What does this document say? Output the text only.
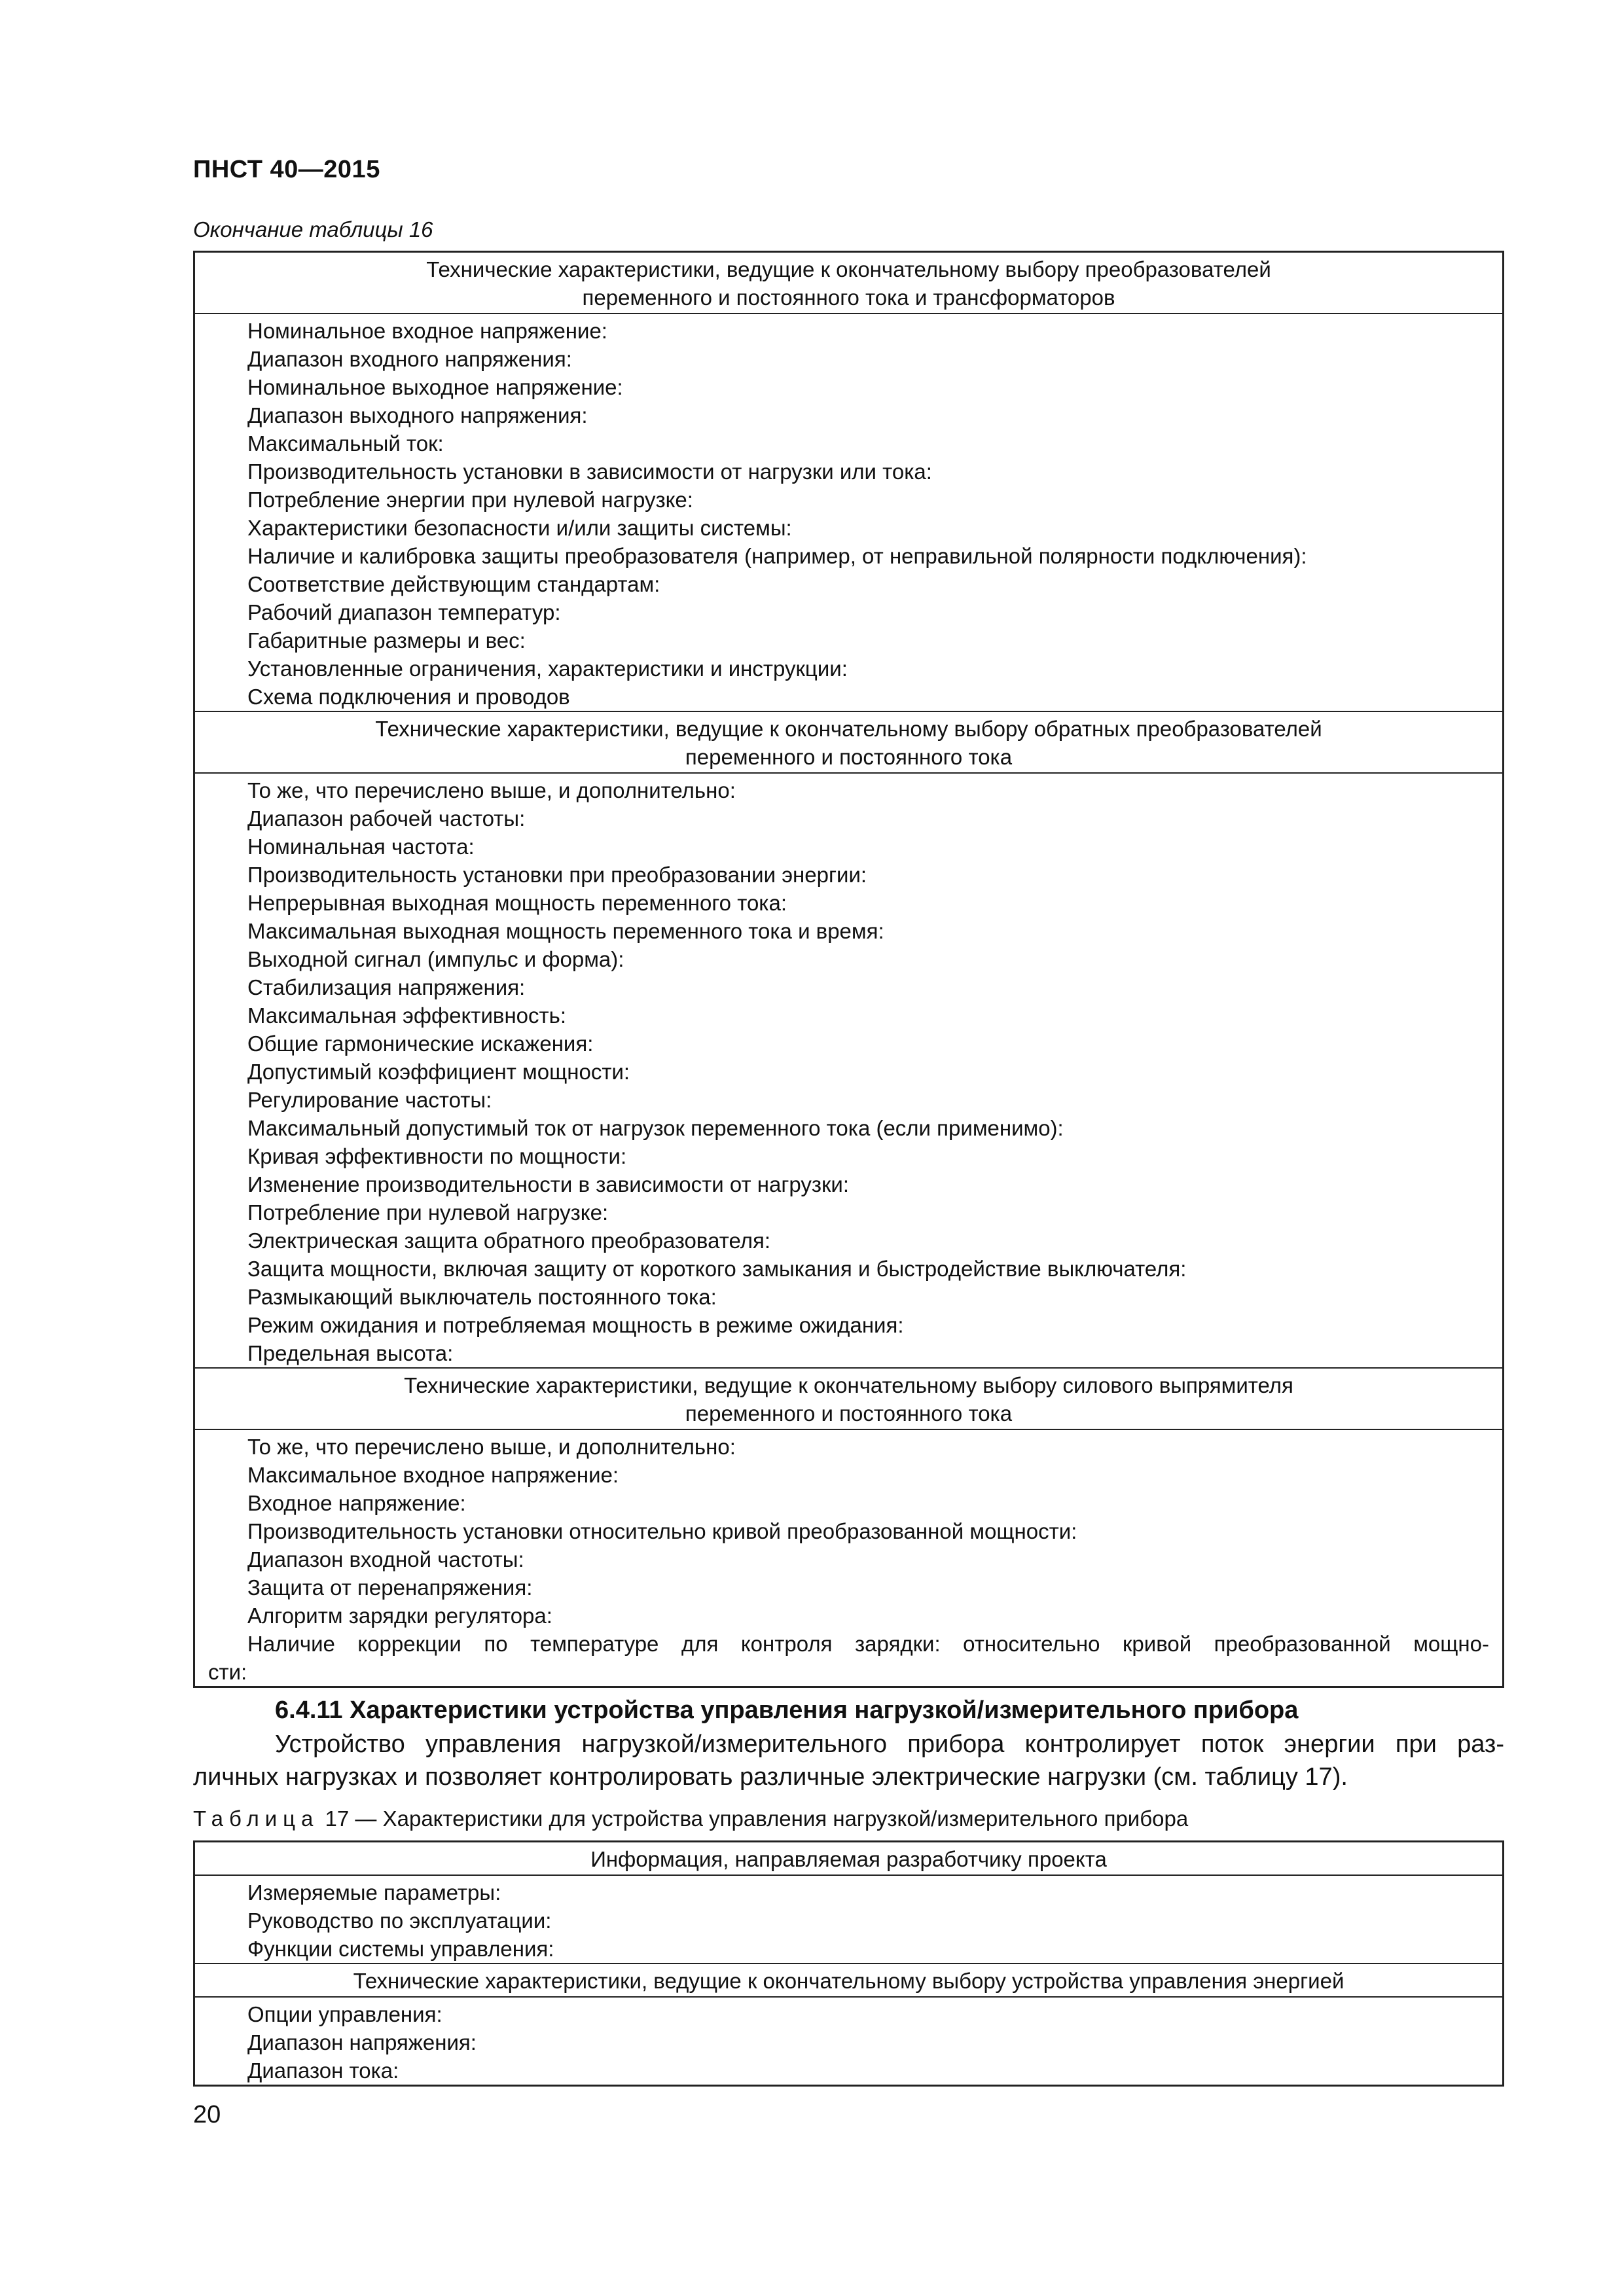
ПНСТ 40—2015
Окончание таблицы 16
Технические характеристики, ведущие к окончательному выбору преобразователей
переменного и постоянного тока и трансформаторов
Номинальное входное напряжение:
Диапазон входного напряжения:
Номинальное выходное напряжение:
Диапазон выходного напряжения:
Максимальный ток:
Производительность установки в зависимости от нагрузки или тока:
Потребление энергии при нулевой нагрузке:
Характеристики безопасности и/или защиты системы:
Наличие и калибровка защиты преобразователя (например, от неправильной полярности подключения):
Соответствие действующим стандартам:
Рабочий диапазон температур:
Габаритные размеры и вес:
Установленные ограничения, характеристики и инструкции:
Схема подключения и проводов
Технические характеристики, ведущие к окончательному выбору обратных преобразователей
переменного и постоянного тока
То же, что перечислено выше, и дополнительно:
Диапазон рабочей частоты:
Номинальная частота:
Производительность установки при преобразовании энергии:
Непрерывная выходная мощность переменного тока:
Максимальная выходная мощность переменного тока и время:
Выходной сигнал (импульс и форма):
Стабилизация напряжения:
Максимальная эффективность:
Общие гармонические искажения:
Допустимый коэффициент мощности:
Регулирование частоты:
Максимальный допустимый ток от нагрузок переменного тока (если применимо):
Кривая эффективности по мощности:
Изменение производительности в зависимости от нагрузки:
Потребление при нулевой нагрузке:
Электрическая защита обратного преобразователя:
Защита мощности, включая защиту от короткого замыкания и быстродействие выключателя:
Размыкающий выключатель постоянного тока:
Режим ожидания и потребляемая мощность в режиме ожидания:
Предельная высота:
Технические характеристики, ведущие к окончательному выбору силового выпрямителя
переменного и постоянного тока
То же, что перечислено выше, и дополнительно:
Максимальное входное напряжение:
Входное напряжение:
Производительность установки относительно кривой преобразованной мощности:
Диапазон входной частоты:
Защита от перенапряжения:
Алгоритм зарядки регулятора:
Наличие коррекции по температуре для контроля зарядки: относительно кривой преобразованной мощно-
сти:
6.4.11 Характеристики устройства управления нагрузкой/измерительного прибора
Устройство управления нагрузкой/измерительного прибора контролирует поток энергии при раз-
личных нагрузках и позволяет контролировать различные электрические нагрузки (см. таблицу 17).
Таблица 17 — Характеристики для устройства управления нагрузкой/измерительного прибора
Информация, направляемая разработчику проекта
Измеряемые параметры:
Руководство по эксплуатации:
Функции системы управления:
Технические характеристики, ведущие к окончательному выбору устройства управления энергией
Опции управления:
Диапазон напряжения:
Диапазон тока:
20
